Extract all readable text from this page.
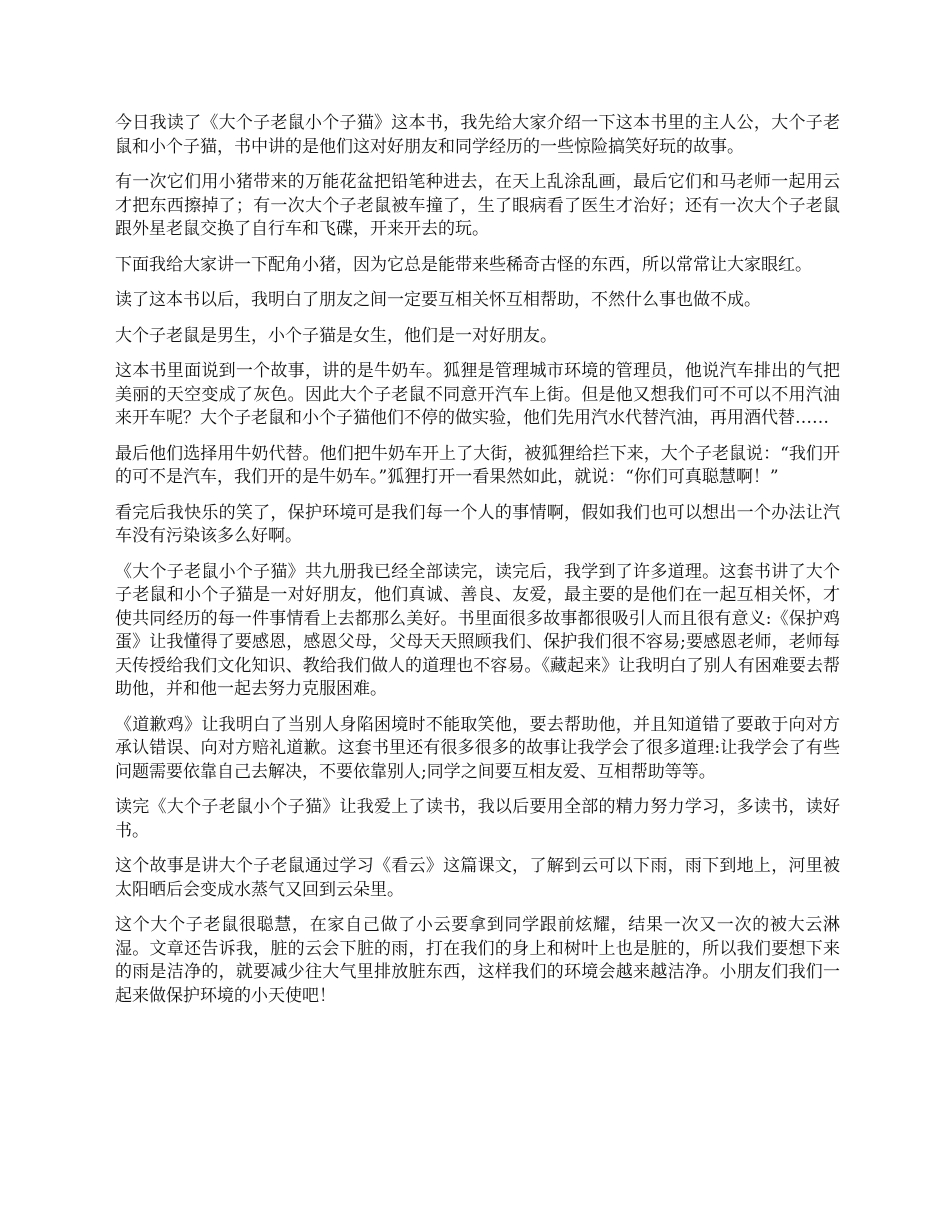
今日我读了《大个子老鼠小个子猫》这本书，我先给大家介绍一下这本书里的主人公，大个子老鼠和小个子猫，书中讲的是他们这对好朋友和同学经历的一些惊险搞笑好玩的故事。

有一次它们用小猪带来的万能花盆把铅笔种进去，在天上乱涂乱画，最后它们和马老师一起用云才把东西擦掉了；有一次大个子老鼠被车撞了，生了眼病看了医生才治好；还有一次大个子老鼠跟外星老鼠交换了自行车和飞碟，开来开去的玩。

下面我给大家讲一下配角小猪，因为它总是能带来些稀奇古怪的东西，所以常常让大家眼红。

读了这本书以后，我明白了朋友之间一定要互相关怀互相帮助，不然什么事也做不成。

大个子老鼠是男生，小个子猫是女生，他们是一对好朋友。

这本书里面说到一个故事，讲的是牛奶车。狐狸是管理城市环境的管理员，他说汽车排出的气把美丽的天空变成了灰色。因此大个子老鼠不同意开汽车上街。但是他又想我们可不可以不用汽油来开车呢？大个子老鼠和小个子猫他们不停的做实验，他们先用汽水代替汽油，再用酒代替……

最后他们选择用牛奶代替。他们把牛奶车开上了大街，被狐狸给拦下来，大个子老鼠说：“我们开的可不是汽车，我们开的是牛奶车。”狐狸打开一看果然如此，就说：“你们可真聪慧啊！”

看完后我快乐的笑了，保护环境可是我们每一个人的事情啊，假如我们也可以想出一个办法让汽车没有污染该多么好啊。

《大个子老鼠小个子猫》共九册我已经全部读完，读完后，我学到了许多道理。这套书讲了大个子老鼠和小个子猫是一对好朋友，他们真诚、善良、友爱，最主要的是他们在一起互相关怀，才使共同经历的每一件事情看上去都那么美好。书里面很多故事都很吸引人而且很有意义:《保护鸡蛋》让我懂得了要感恩，感恩父母，父母天天照顾我们、保护我们很不容易;要感恩老师，老师每天传授给我们文化知识、教给我们做人的道理也不容易。《藏起来》让我明白了别人有困难要去帮助他，并和他一起去努力克服困难。

《道歉鸡》让我明白了当别人身陷困境时不能取笑他，要去帮助他，并且知道错了要敢于向对方承认错误、向对方赔礼道歉。这套书里还有很多很多的故事让我学会了很多道理:让我学会了有些问题需要依靠自己去解决，不要依靠别人;同学之间要互相友爱、互相帮助等等。

读完《大个子老鼠小个子猫》让我爱上了读书，我以后要用全部的精力努力学习，多读书，读好书。

这个故事是讲大个子老鼠通过学习《看云》这篇课文，了解到云可以下雨，雨下到地上，河里被太阳晒后会变成水蒸气又回到云朵里。

这个大个子老鼠很聪慧，在家自己做了小云要拿到同学跟前炫耀，结果一次又一次的被大云淋湿。文章还告诉我，脏的云会下脏的雨，打在我们的身上和树叶上也是脏的，所以我们要想下来的雨是洁净的，就要减少往大气里排放脏东西，这样我们的环境会越来越洁净。小朋友们我们一起来做保护环境的小天使吧！
